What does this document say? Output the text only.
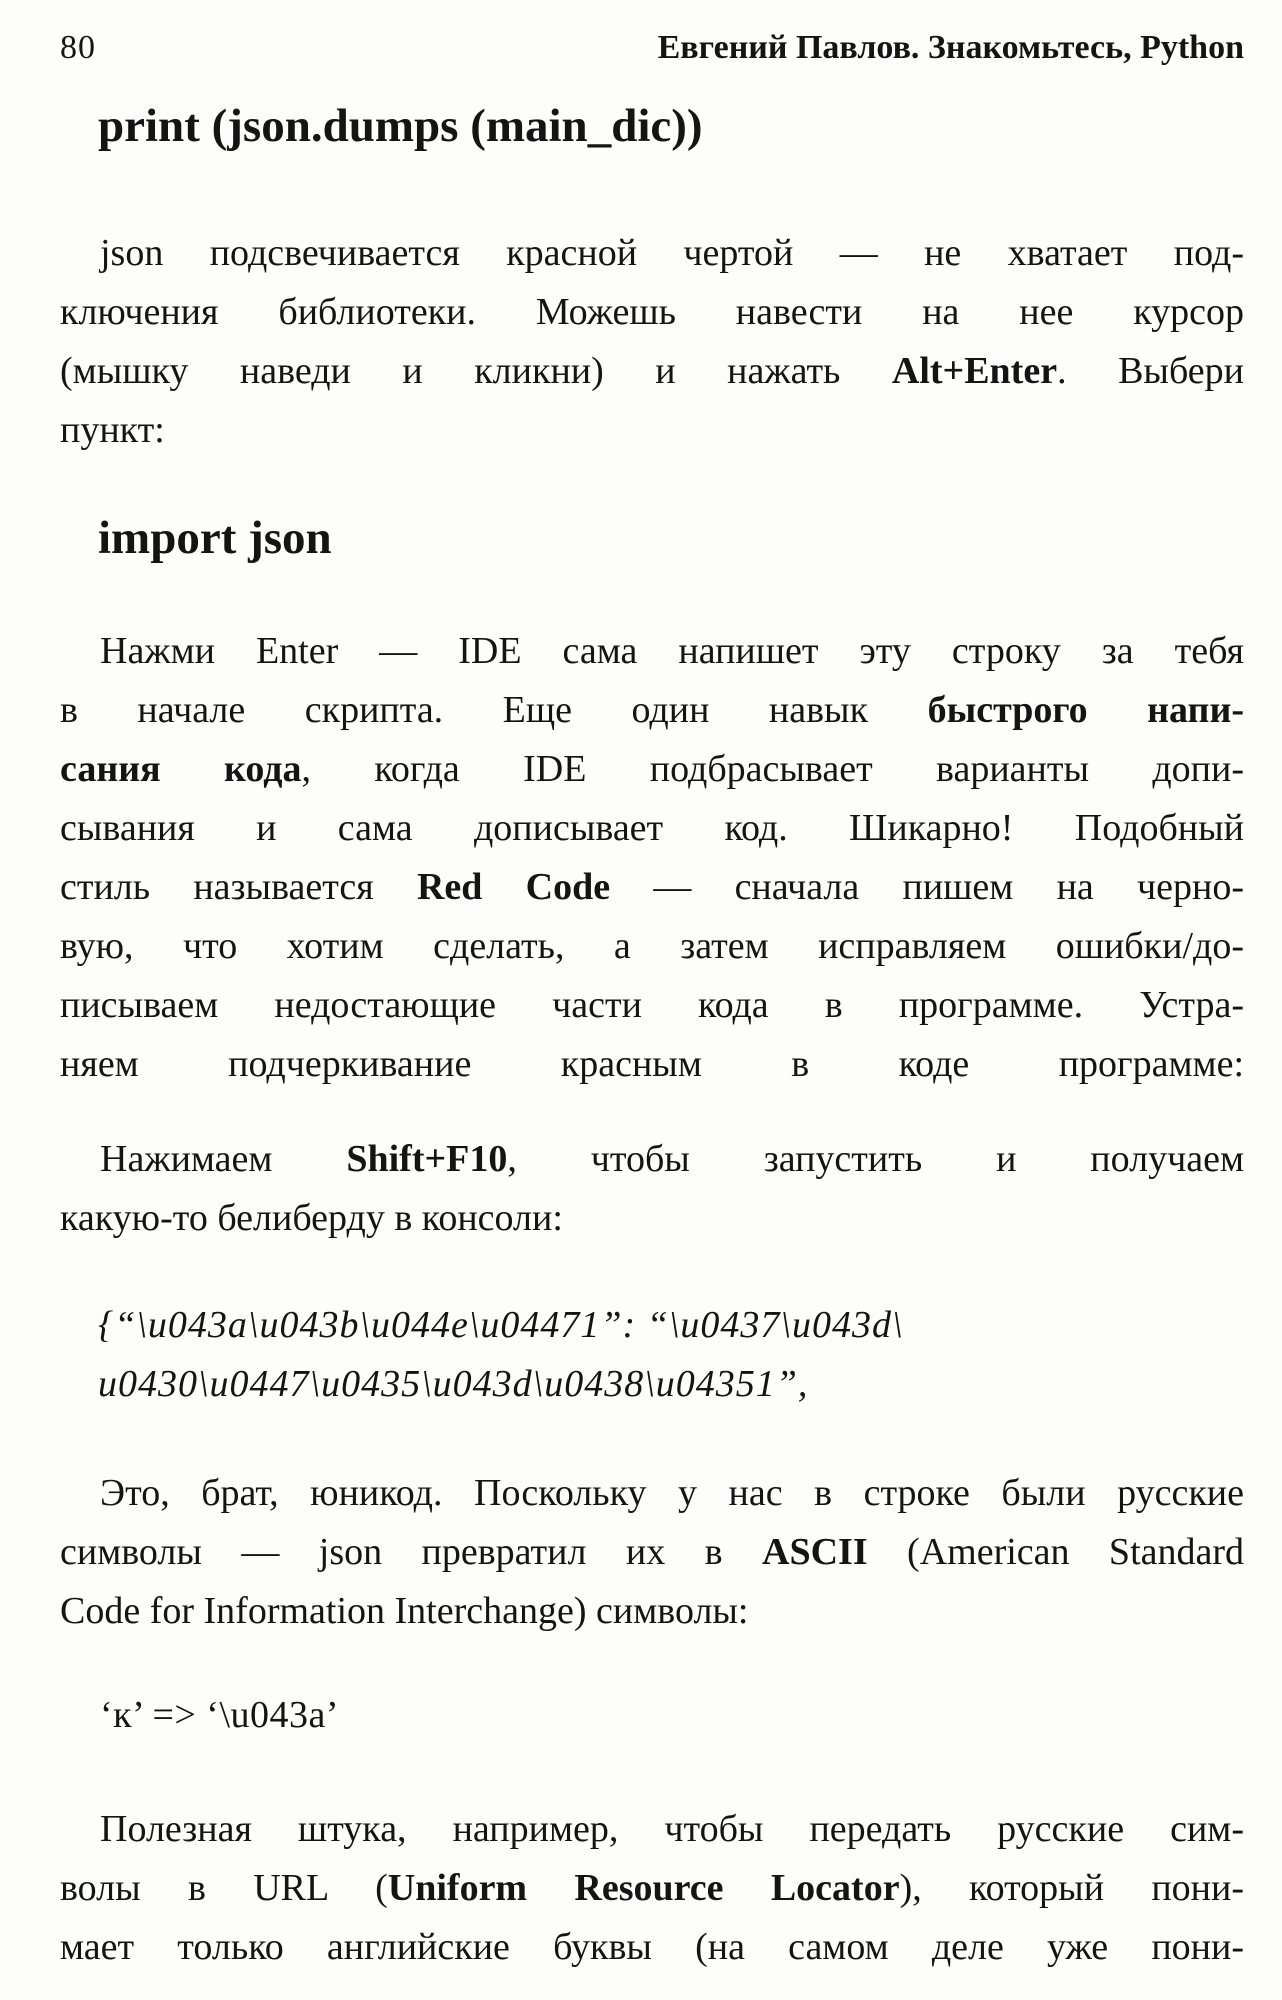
80	Евгений Павлов. Знакомьтесь, Python
print (json.dumps (main_dic))
json подсвечивается красной чертой — не хватает под-
ключения библиотеки. Можешь навести на нее курсор
(мышку наведи и кликни) и нажать Alt+Enter. Выбери
пункт:
import json
Нажми Enter — IDE сама напишет эту строку за тебя
в начале скрипта. Еще один навык быстрого напи-
сания кода, когда IDE подбрасывает варианты допи-
сывания и сама дописывает код. Шикарно! Подобный
стиль называется Red Code — сначала пишем на черно-
вую, что хотим сделать, а затем исправляем ошибки/до-
писываем недостающие части кода в программе. Устра-
няем подчеркивание красным в коде программе:
Нажимаем Shift+F10, чтобы запустить и получаем
какую-то белиберду в консоли:
{“\u043a\u043b\u044e\u04471”: “\u0437\u043d\
u0430\u0447\u0435\u043d\u0438\u04351”,
Это, брат, юникод. Поскольку у нас в строке были русские
символы — json превратил их в ASCII (American Standard
Code for Information Interchange) символы:
‘к’ => ‘\u043a’
Полезная штука, например, чтобы передать русские сим-
волы в URL (Uniform Resource Locator), который пони-
мает только английские буквы (на самом деле уже пони-
